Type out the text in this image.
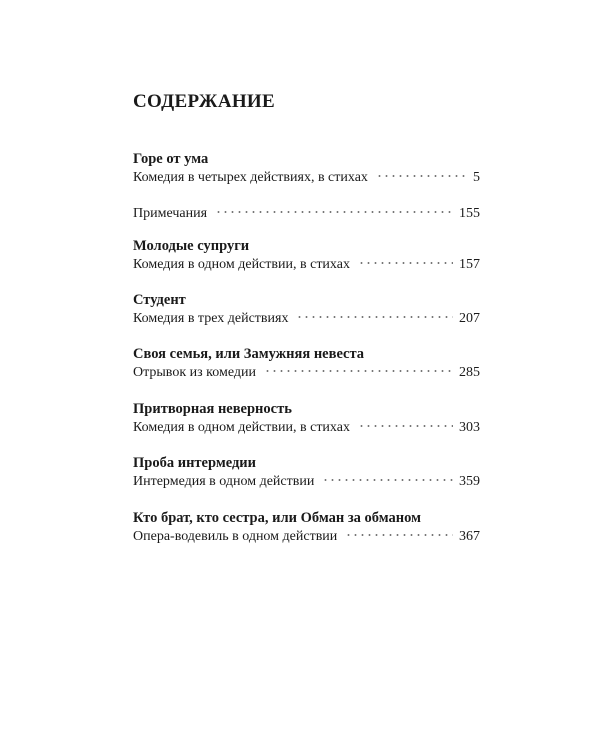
СОДЕРЖАНИЕ
Горе от ума
Комедия в четырех действиях, в стихах	5
Примечания	155
Молодые супруги
Комедия в одном действии, в стихах	157
Студент
Комедия в трех действиях	207
Своя семья, или Замужняя невеста
Отрывок из комедии	285
Притворная неверность
Комедия в одном действии, в стихах	303
Проба интермедии
Интермедия в одном действии	359
Кто брат, кто сестра, или Обман за обманом
Опера-водевиль в одном действии	367
